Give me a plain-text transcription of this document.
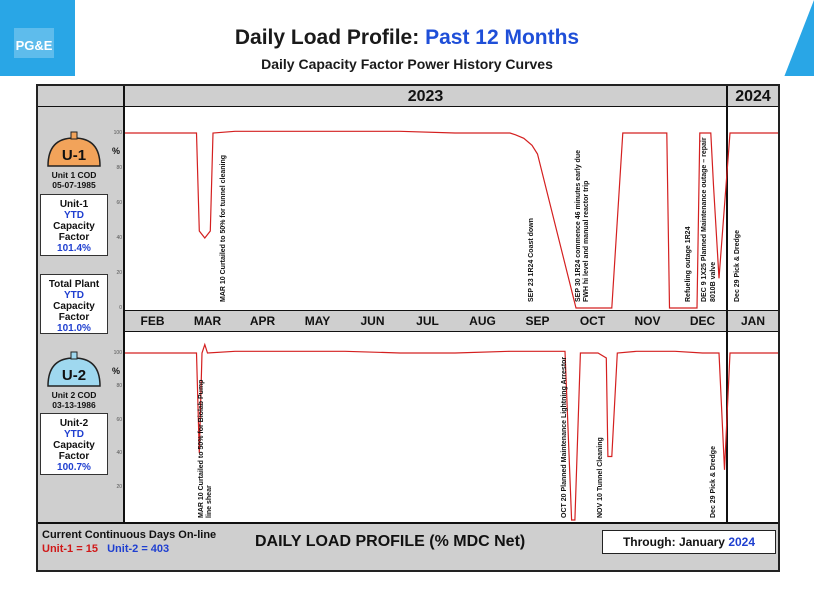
PG&E	Daily Load Profile: Past 12 Months
Daily Capacity Factor Power History Curves
2023	2024
FEB	MAR	APR	MAY	JUN	JUL	AUG	SEP	OCT	NOV	DEC	JAN
100
80
60
40
20
0
100
80
60
40
20
%
%
MAR 10 Curtailed to 50% for tunnel cleaning	SEP 23 1R24 Coast down	SEP 30 1R24 commence 46 minutes early due FWH hi level and manual reactor trip	Refueling outage 1R24 DEC 9 1X25 Planned Maintenance outage – repair 8010B valve	Dec 29 Pick & Dredge
MAR 10 Curtailed to 50% for Biolab Pump line shear	OCT 20 Planned Maintenance Lightning Arrestor	NOV 10 Tunnel Cleaning	Dec 29 Pick & Dredge
U-1
Unit 1 COD
05-07-1985
Unit-1
YTD
Capacity
Factor
101.4%
Total Plant
YTD
Capacity
Factor
101.0%
U-2
Unit 2 COD
03-13-1986
Unit-2
YTD
Capacity
Factor
100.7%
Current Continuous Days On-line
Unit-1 = 15 Unit-2 = 403	DAILY LOAD PROFILE (% MDC Net)	Through: January 2024
